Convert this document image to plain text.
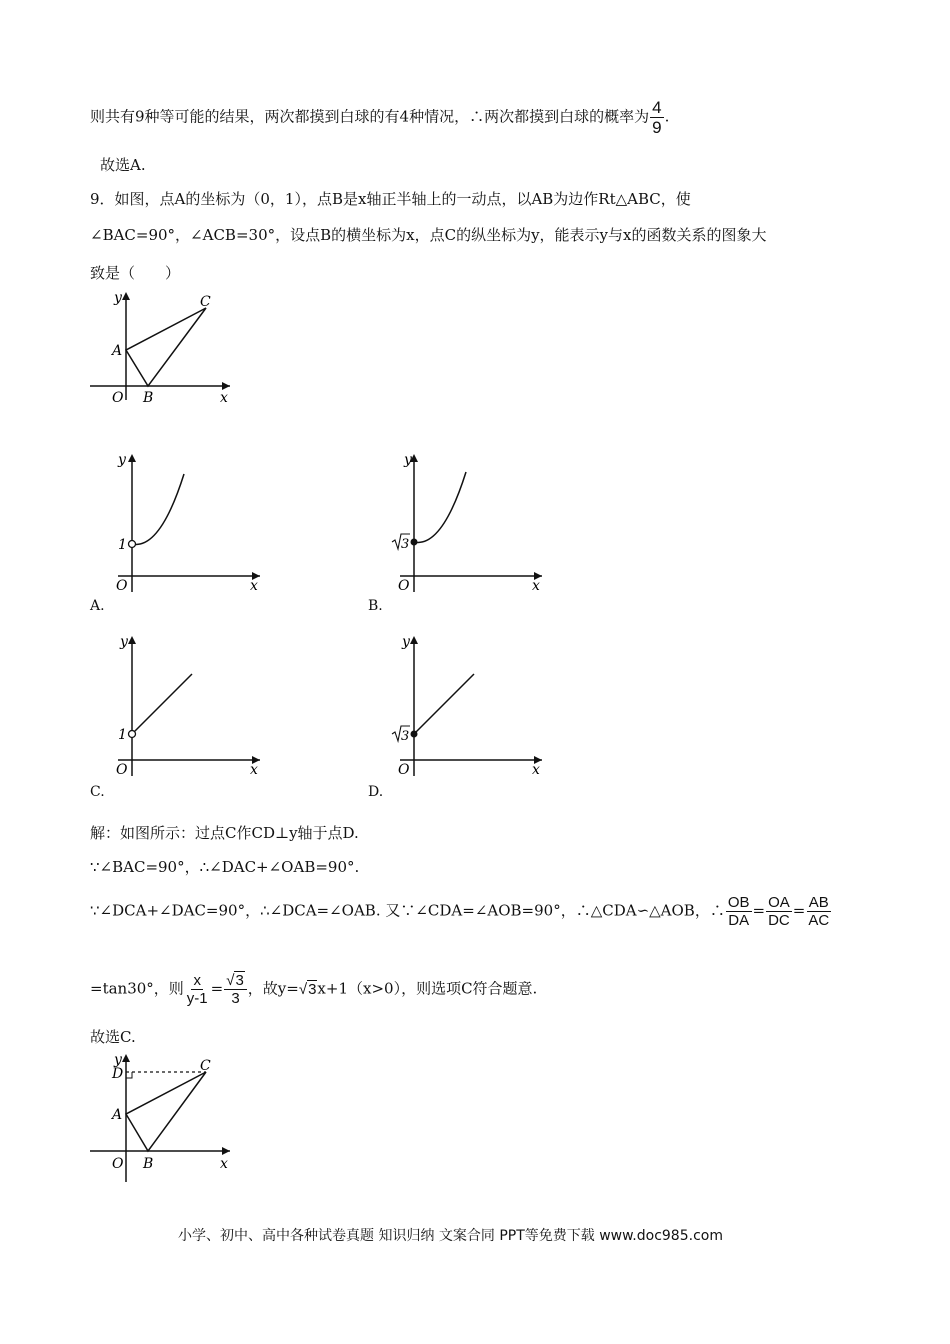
则共有9种等可能的结果，两次都摸到白球的有4种情况，∴两次都摸到白球的概率为 $\frac{4}{9}$ .
故选A.
9．如图，点A的坐标为（0，1），点B是x轴正半轴上的一动点，以AB为边作Rt△ABC，使
∠BAC=90°，∠ACB=30°，设点B的横坐标为x，点C的纵坐标为y，能表示y与x的函数关系的图象大
致是（　　）
y
x
O
A
B
C
y
x
O
1
A.
y
x
O
3
B.
y
x
O
1
C.
y
x
O
3
D.
解：如图所示：过点C作CD⊥y轴于点D.
∵∠BAC=90°，∴∠DAC+∠OAB=90°.
∵∠DCA+∠DAC=90°，∴∠DCA=∠OAB. 又∵∠CDA=∠AOB=90°，∴△CDA∽△AOB，∴ $\frac{OB}{DA} = \frac{OA}{DC} = \frac{AB}{AC}$
=tan30°，则 $\frac{x}{y-1} = \frac{√3}{3}$ ，故y=√3x+1（x>0），则选项C符合题意.
故选C.
y
x
O
A
B
C
D
小学、初中、高中各种试卷真题 知识归纳 文案合同 PPT等免费下载 www.doc985.com
